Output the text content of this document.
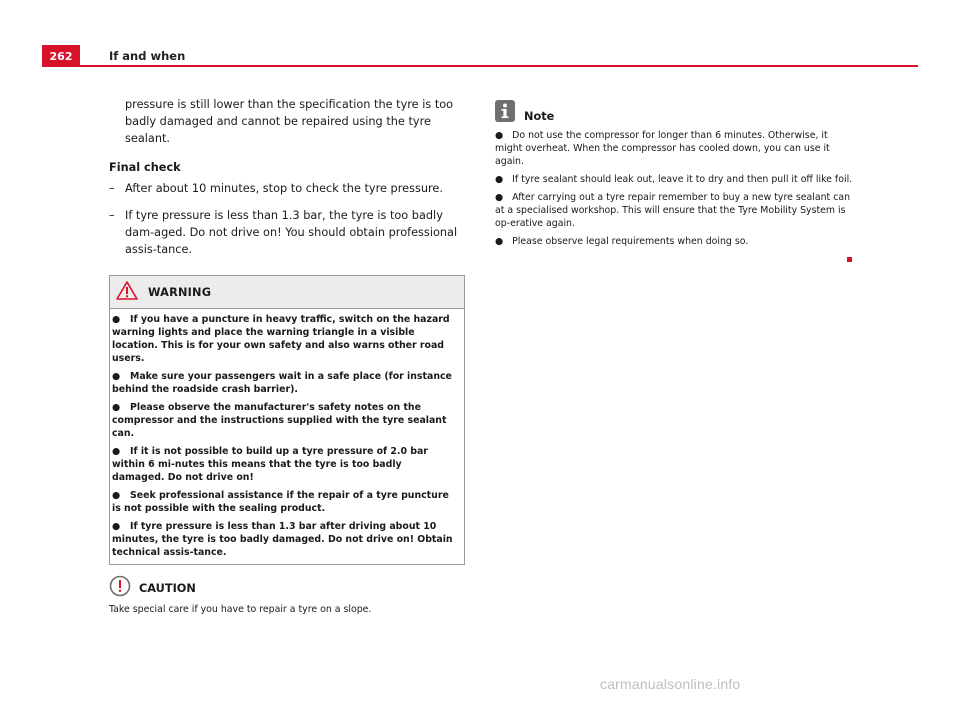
262	If and when

pressure is still lower than the specification the tyre is too badly damaged and cannot be repaired using the tyre sealant.

Final check

– After about 10 minutes, stop to check the tyre pressure.
– If tyre pressure is less than 1.3 bar, the tyre is too badly dam-aged. Do not drive on! You should obtain professional assis-tance.
WARNING
● If you have a puncture in heavy traffic, switch on the hazard warning lights and place the warning triangle in a visible location. This is for your own safety and also warns other road users.
● Make sure your passengers wait in a safe place (for instance behind the roadside crash barrier).
● Please observe the manufacturer's safety notes on the compressor and the instructions supplied with the tyre sealant can.
● If it is not possible to build up a tyre pressure of 2.0 bar within 6 mi-nutes this means that the tyre is too badly damaged. Do not drive on!
● Seek professional assistance if the repair of a tyre puncture is not possible with the sealing product.
● If tyre pressure is less than 1.3 bar after driving about 10 minutes, the tyre is too badly damaged. Do not drive on! Obtain technical assis-tance.
CAUTION
Take special care if you have to repair a tyre on a slope.
Note
● Do not use the compressor for longer than 6 minutes. Otherwise, it might overheat. When the compressor has cooled down, you can use it again.
● If tyre sealant should leak out, leave it to dry and then pull it off like foil.
● After carrying out a tyre repair remember to buy a new tyre sealant can at a specialised workshop. This will ensure that the Tyre Mobility System is op-erative again.
● Please observe legal requirements when doing so.
carmanualsonline.info
